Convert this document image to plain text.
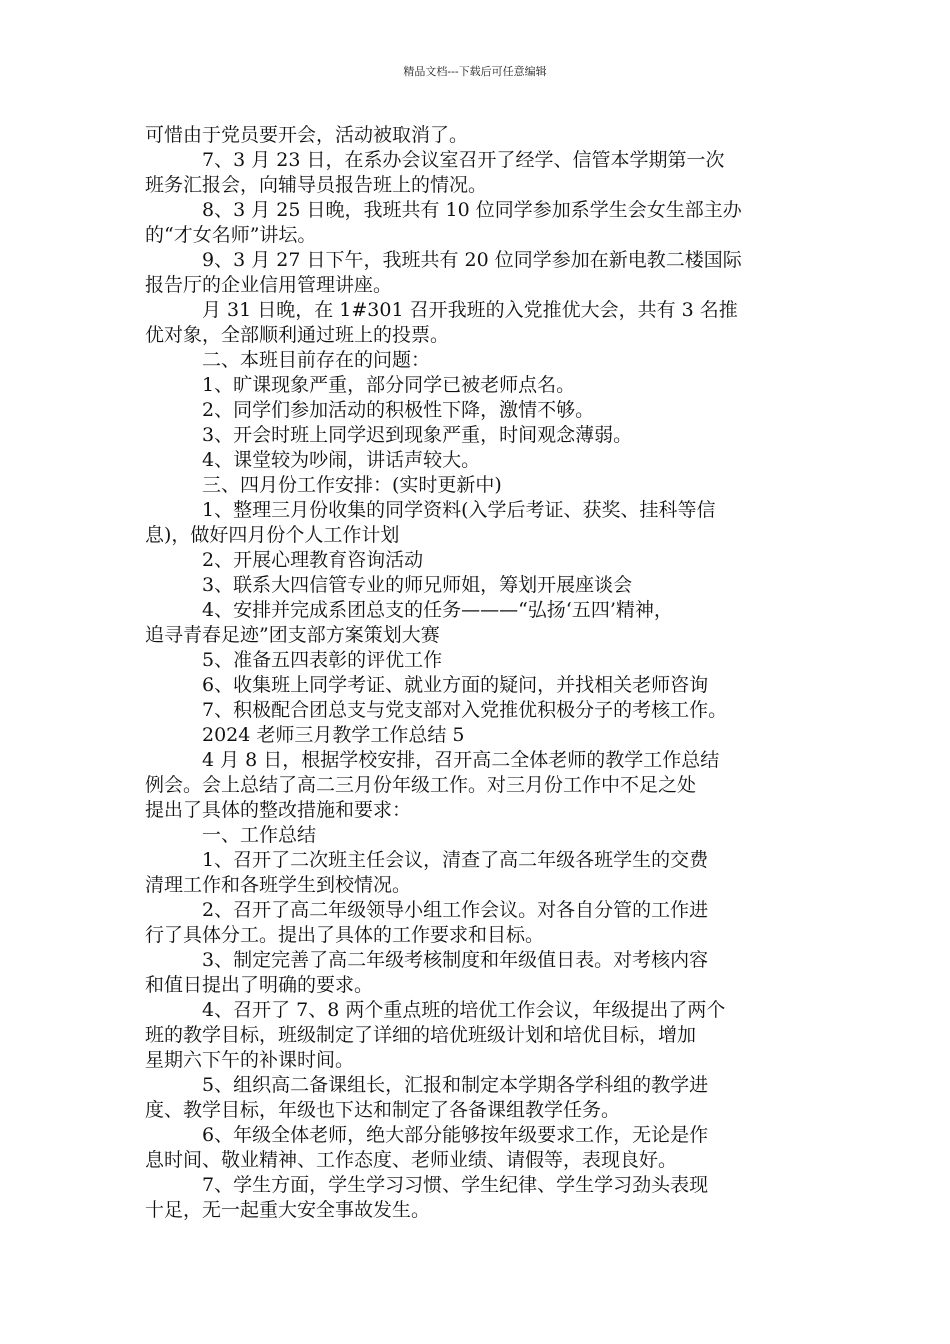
精品文档---下载后可任意编辑
可惜由于党员要开会，活动被取消了。
7、3 月 23 日，在系办会议室召开了经学、信管本学期第一次
班务汇报会，向辅导员报告班上的情况。
8、3 月 25 日晚，我班共有 10 位同学参加系学生会女生部主办
的“才女名师”讲坛。
9、3 月 27 日下午，我班共有 20 位同学参加在新电教二楼国际
报告厅的企业信用管理讲座。
月 31 日晚，在 1#301 召开我班的入党推优大会，共有 3 名推
优对象，全部顺利通过班上的投票。
二、本班目前存在的问题：
1、旷课现象严重，部分同学已被老师点名。
2、同学们参加活动的积极性下降，激情不够。
3、开会时班上同学迟到现象严重，时间观念薄弱。
4、课堂较为吵闹，讲话声较大。
三、四月份工作安排：(实时更新中)
1、整理三月份收集的同学资料(入学后考证、获奖、挂科等信
息)，做好四月份个人工作计划
2、开展心理教育咨询活动
3、联系大四信管专业的师兄师姐，筹划开展座谈会
4、安排并完成系团总支的任务———“弘扬‘五四’精神，
追寻青春足迹”团支部方案策划大赛
5、准备五四表彰的评优工作
6、收集班上同学考证、就业方面的疑问，并找相关老师咨询
7、积极配合团总支与党支部对入党推优积极分子的考核工作。
2024 老师三月教学工作总结 5
4 月 8 日，根据学校安排，召开高二全体老师的教学工作总结
例会。会上总结了高二三月份年级工作。对三月份工作中不足之处
提出了具体的整改措施和要求：
一、工作总结
1、召开了二次班主任会议，清查了高二年级各班学生的交费
清理工作和各班学生到校情况。
2、召开了高二年级领导小组工作会议。对各自分管的工作进
行了具体分工。提出了具体的工作要求和目标。
3、制定完善了高二年级考核制度和年级值日表。对考核内容
和值日提出了明确的要求。
4、召开了 7、8 两个重点班的培优工作会议，年级提出了两个
班的教学目标，班级制定了详细的培优班级计划和培优目标，增加
星期六下午的补课时间。
5、组织高二备课组长，汇报和制定本学期各学科组的教学进
度、教学目标，年级也下达和制定了各备课组教学任务。
6、年级全体老师，绝大部分能够按年级要求工作，无论是作
息时间、敬业精神、工作态度、老师业绩、请假等，表现良好。
7、学生方面，学生学习习惯、学生纪律、学生学习劲头表现
十足，无一起重大安全事故发生。
